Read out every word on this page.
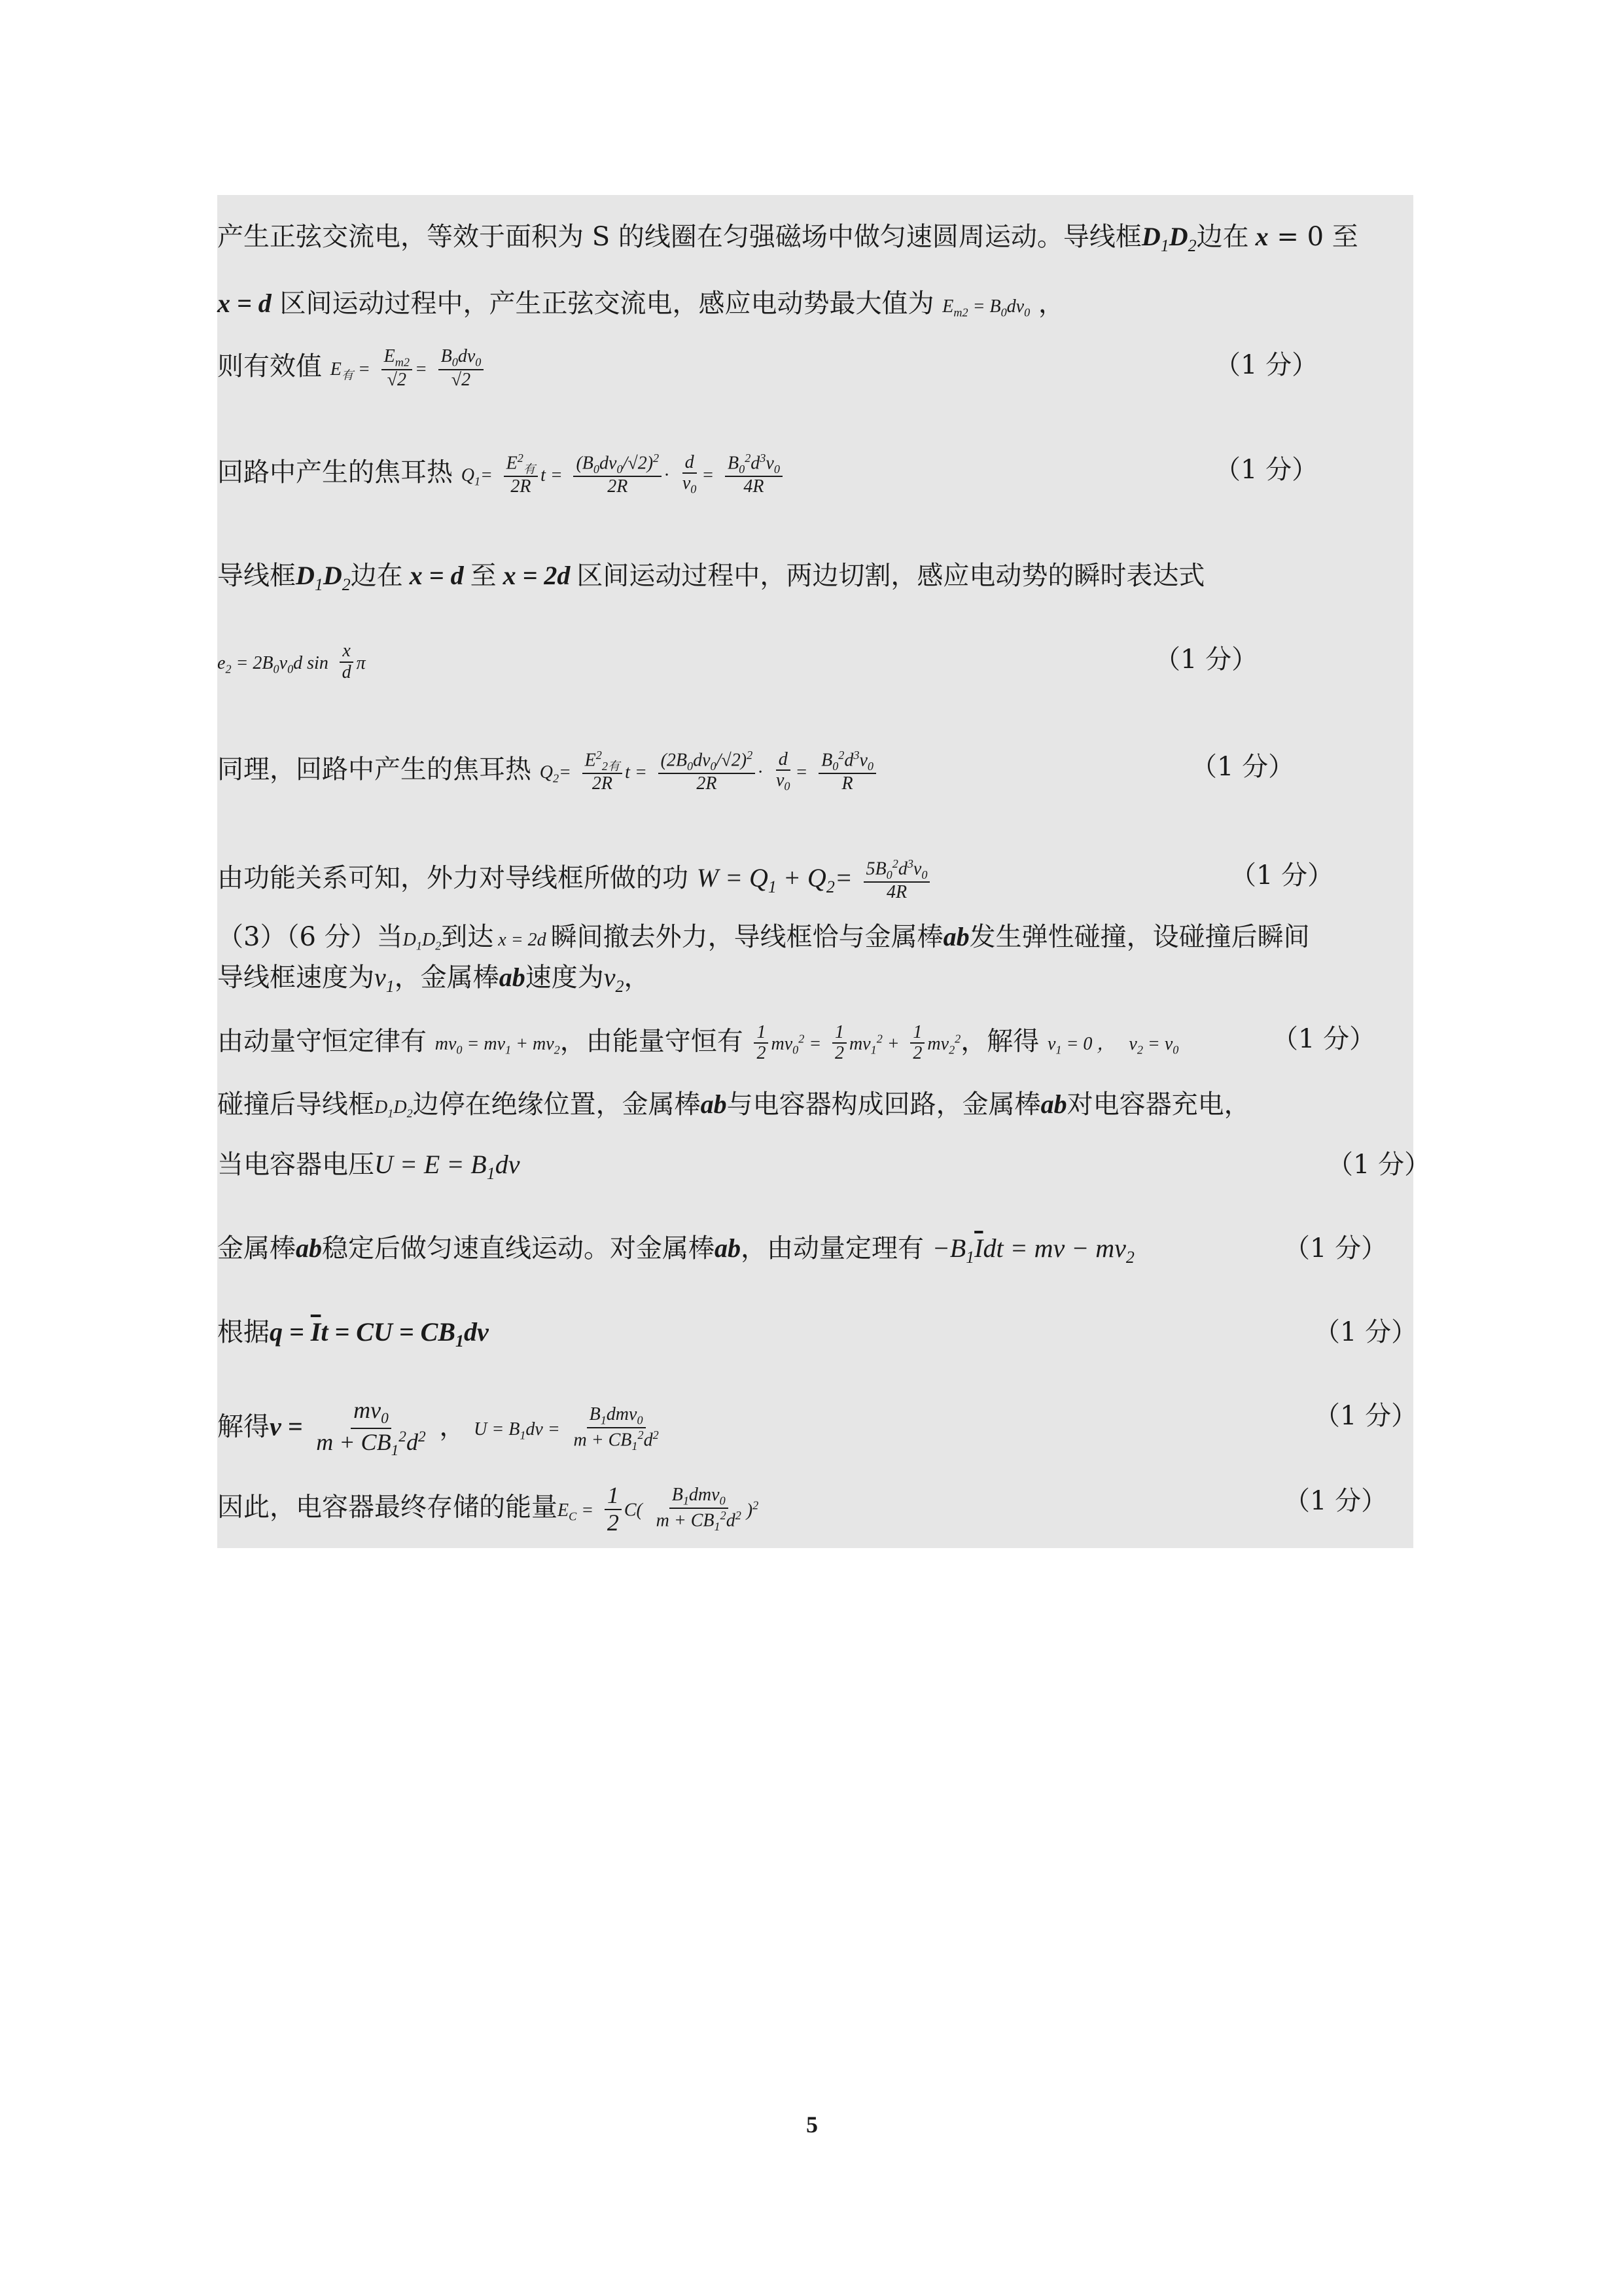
产生正弦交流电，等效于面积为 S 的线圈在匀强磁场中做匀速圆周运动。导线框$D_1D_2$边在 x = 0 至
x = d 区间运动过程中，产生正弦交流电，感应电动势最大值为 $E_{m2} = B_0dv_0$ ，
则有效值 $E_有 = \frac{E_{m2}}{√2} = \frac{B_0dv_0}{√2}$	（1 分）
回路中产生的焦耳热 $Q_1= \frac{E^2_有}{2R}$ $t = \frac{(B_0dv_0/√2)^2}{2R} \cdot \frac{d}{v_0} = \frac{B_0^2d^3v_0}{4R}$	（1 分）
导线框$D_1D_2$边在 x = d 至 x = 2d 区间运动过程中，两边切割，感应电动势的瞬时表达式
$e_2 = 2B_0v_0d$ $\sin \frac{x}{d}$ π	（1 分）
同理，回路中产生的焦耳热 $Q_2= \frac{E^2_{2有}}{2R}$ $t = \frac{(2B_0dv_0/√2)^2}{2R} \cdot \frac{d}{v_0} = \frac{B_0^2d^3v_0}{R}$	（1 分）
由功能关系可知，外力对导线框所做的功 $W = Q_1 + Q_2= \frac{5B_0^2d^3v_0}{4R}$	（1 分）
（3）（6 分）当$D_1D_2$到达 x = 2d 瞬间撤去外力，导线框恰与金属棒ab发生弹性碰撞，设碰撞后瞬间
导线框速度为$v_1$，金属棒ab速度为$v_2$，
由动量守恒定律有 $mv_0 = mv_1 + mv_2$，由能量守恒有 $\frac{1}{2} mv_0^2 = \frac{1}{2} mv_1^2 + \frac{1}{2} mv_2^2$，解得 $v_1 = 0$ ，   $v_2 = v_0$	（1 分）
碰撞后导线框$D_1D_2$边停在绝缘位置，金属棒ab与电容器构成回路，金属棒ab对电容器充电，
当电容器电压$U = E = B_1dv$	（1 分）
金属棒ab稳定后做匀速直线运动。对金属棒ab，由动量定理有 $-B_1\overline{I}dt$ = mv − $mv_2$	（1 分）
根据$q = \overline{I}t$ = CU = $CB_1dv$	（1 分）
解得$v = \frac{mv_0}{m + CB_1^2d^2}$ ， $U = B_1dv = \frac{B_1dmv_0}{m + CB_1^2d^2}$	（1 分）
因此，电容器最终存储的能量$E_C = \frac{1}{2} C( \frac{B_1dmv_0}{m + CB_1^2d^2} )^2$	（1 分）
5
